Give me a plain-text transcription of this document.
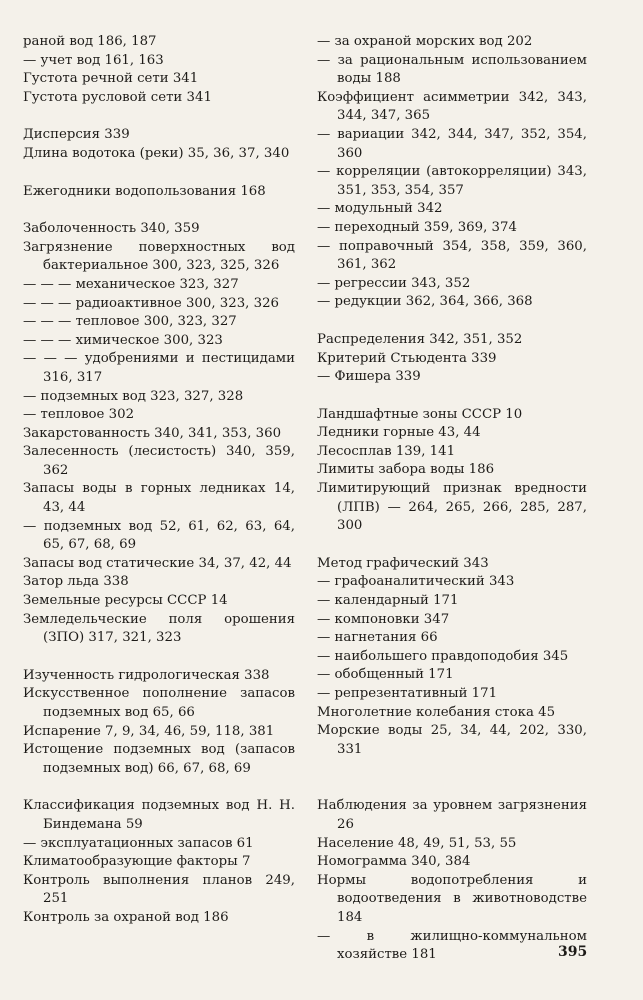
раной вод 186, 187
— учет вод 161, 163
Густота речной сети 341
Густота русловой сети 341
Дисперсия 339
Длина водотока (реки) 35, 36, 37, 340
Ежегодники водопользования 168
Заболоченность 340, 359
Загрязнение поверхностных вод бактериальное 300, 323, 325, 326
— — — механическое 323, 327
— — — радиоактивное 300, 323, 326
— — — тепловое 300, 323, 327
— — — химическое 300, 323
— — — удобрениями и пестицидами 316, 317
— подземных вод 323, 327, 328
— тепловое 302
Закарстованность 340, 341, 353, 360
Залесенность (лесистость) 340, 359, 362
Запасы воды в горных ледниках 14, 43, 44
— подземных вод 52, 61, 62, 63, 64, 65, 67, 68, 69
Запасы вод статические 34, 37, 42, 44
Затор льда 338
Земельные ресурсы СССР 14
Земледельческие поля орошения (ЗПО) 317, 321, 323
Изученность гидрологическая 338
Искусственное пополнение запасов подземных вод 65, 66
Испарение 7, 9, 34, 46, 59, 118, 381
Истощение подземных вод (запасов подземных вод) 66, 67, 68, 69
Классификация подземных вод Н. Н. Биндемана 59
— эксплуатационных запасов 61
Климатообразующие факторы 7
Контроль выполнения планов 249, 251
Контроль за охраной вод 186
— за охраной морских вод 202
— за рациональным использованием воды 188
Коэффициент асимметрии 342, 343, 344, 347, 365
— вариации 342, 344, 347, 352, 354, 360
— корреляции (автокорреляции) 343, 351, 353, 354, 357
— модульный 342
— переходный 359, 369, 374
— поправочный 354, 358, 359, 360, 361, 362
— регрессии 343, 352
— редукции 362, 364, 366, 368
Распределения 342, 351, 352
Критерий Стьюдента 339
— Фишера 339
Ландшафтные зоны СССР 10
Ледники горные 43, 44
Лесосплав 139, 141
Лимиты забора воды 186
Лимитирующий признак вредности (ЛПВ) — 264, 265, 266, 285, 287, 300
Метод графический 343
— графоаналитический 343
— календарный 171
— компоновки 347
— нагнетания 66
— наибольшего правдоподобия 345
— обобщенный 171
— репрезентативный 171
Многолетние колебания стока 45
Морские воды 25, 34, 44, 202, 330, 331
Наблюдения за уровнем загрязнения 26
Население 48, 49, 51, 53, 55
Номограмма 340, 384
Нормы водопотребления и водоотведения в животноводстве 184
— в жилищно-коммунальном хозяйстве 181	395
